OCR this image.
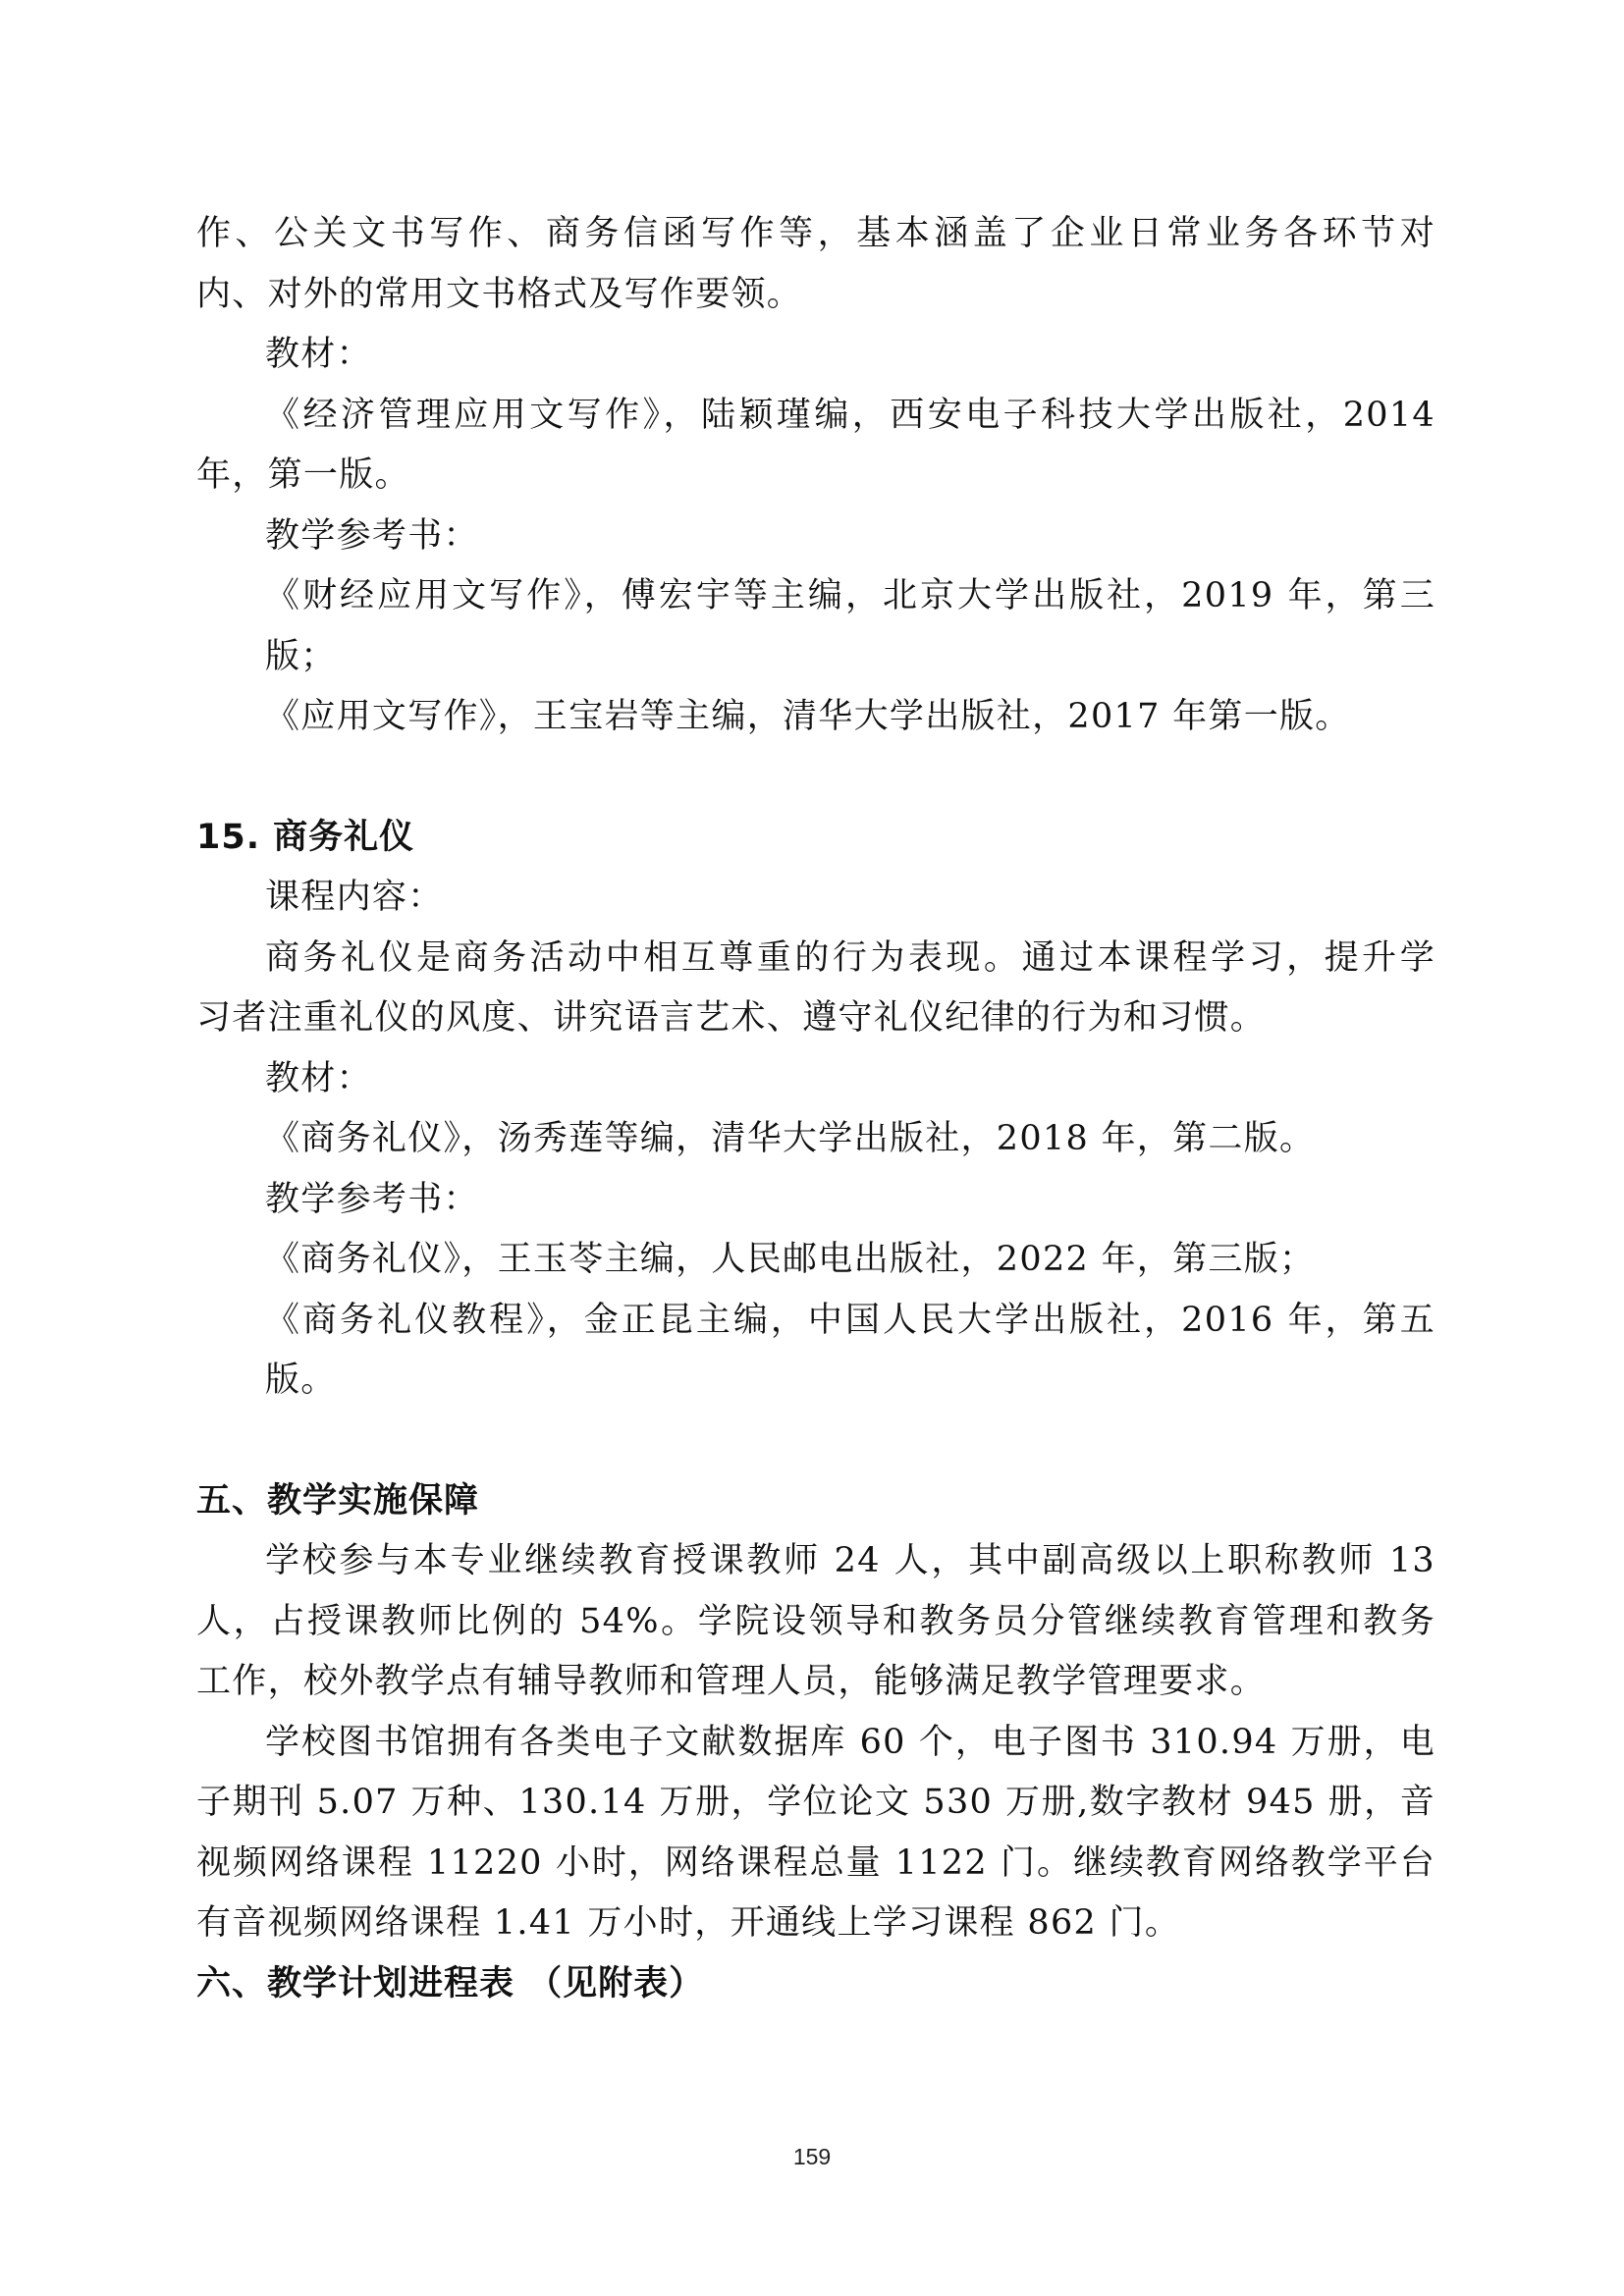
作、公关文书写作、商务信函写作等，基本涵盖了企业日常业务各环节对

内、对外的常用文书格式及写作要领。

教材：

《经济管理应用文写作》，陆颖瑾编，西安电子科技大学出版社，2014

年，第一版。

教学参考书：

《财经应用文写作》，傅宏宇等主编，北京大学出版社，2019 年，第三版；

《应用文写作》，王宝岩等主编，清华大学出版社，2017 年第一版。

15. 商务礼仪

课程内容：

商务礼仪是商务活动中相互尊重的行为表现。通过本课程学习，提升学

习者注重礼仪的风度、讲究语言艺术、遵守礼仪纪律的行为和习惯。

教材：

《商务礼仪》，汤秀莲等编，清华大学出版社，2018 年，第二版。

教学参考书：

《商务礼仪》，王玉苓主编，人民邮电出版社，2022 年，第三版；

《商务礼仪教程》，金正昆主编，中国人民大学出版社，2016 年，第五版。

五、教学实施保障

学校参与本专业继续教育授课教师 24 人，其中副高级以上职称教师 13

人，占授课教师比例的 54%。学院设领导和教务员分管继续教育管理和教务

工作，校外教学点有辅导教师和管理人员，能够满足教学管理要求。

学校图书馆拥有各类电子文献数据库 60 个，电子图书 310.94 万册，电

子期刊 5.07 万种、130.14 万册，学位论文 530 万册,数字教材 945 册，音

视频网络课程 11220 小时，网络课程总量 1122 门。继续教育网络教学平台

有音视频网络课程 1.41 万小时，开通线上学习课程 862 门。

六、教学计划进程表 （见附表）
159
